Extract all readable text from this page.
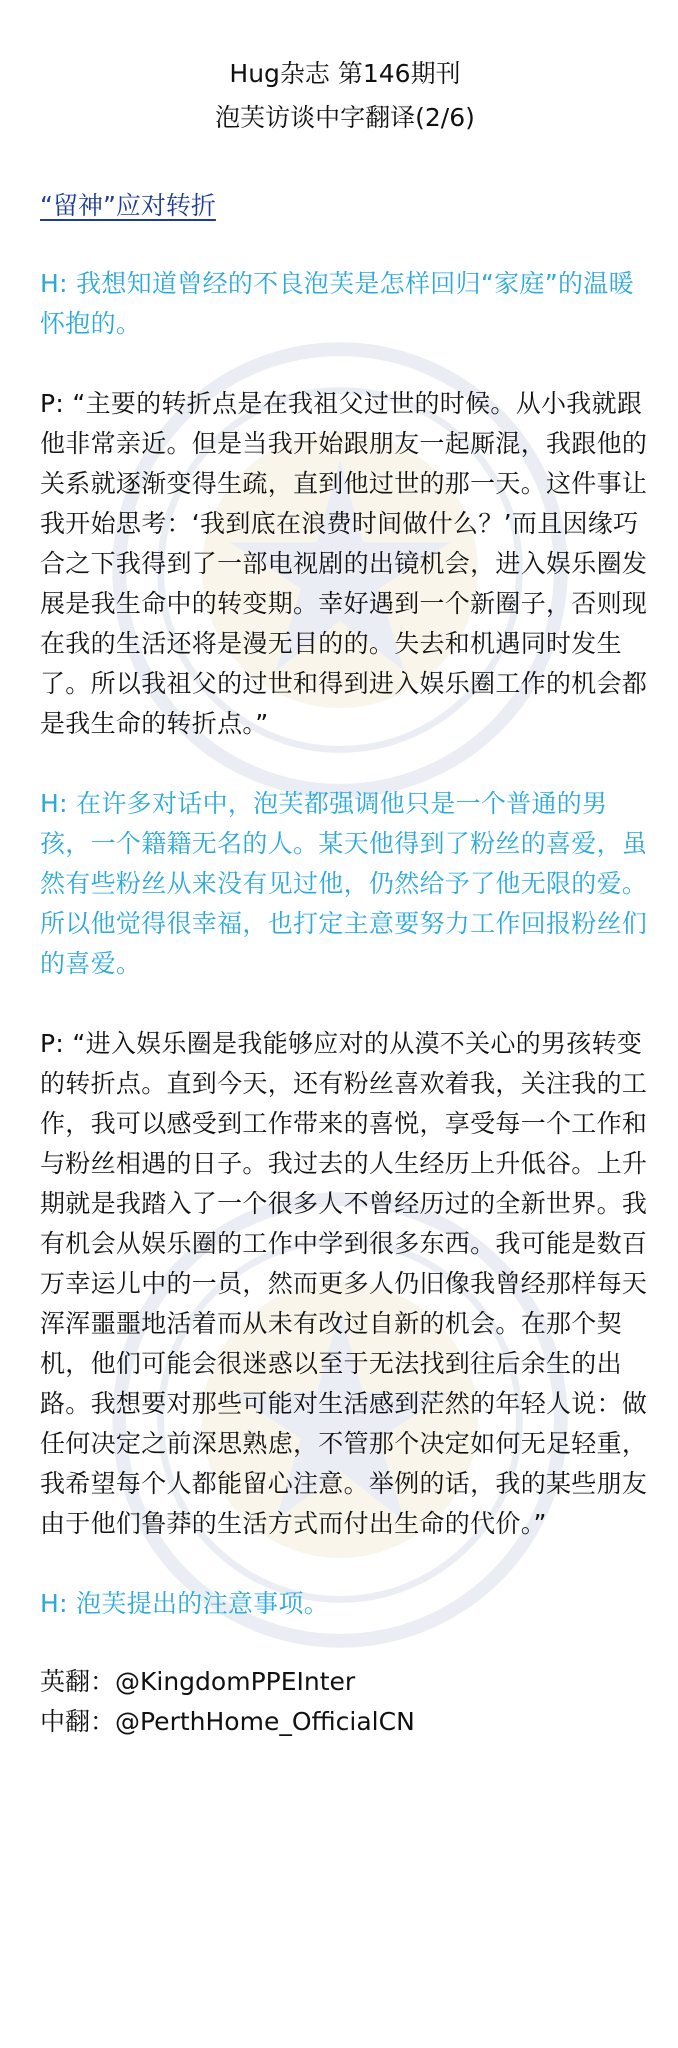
Hug杂志 第146期刊
泡芙访谈中字翻译(2/6)
“留神”应对转折
H: 我想知道曾经的不良泡芙是怎样回归“家庭”的温暖怀抱的。
P: “主要的转折点是在我祖父过世的时候。从小我就跟他非常亲近。但是当我开始跟朋友一起厮混，我跟他的关系就逐渐变得生疏，直到他过世的那一天。这件事让我开始思考：‘我到底在浪费时间做什么？’而且因缘巧合之下我得到了一部电视剧的出镜机会，进入娱乐圈发展是我生命中的转变期。幸好遇到一个新圈子，否则现在我的生活还将是漫无目的的。失去和机遇同时发生了。所以我祖父的过世和得到进入娱乐圈工作的机会都是我生命的转折点。”
H: 在许多对话中，泡芙都强调他只是一个普通的男孩，一个籍籍无名的人。某天他得到了粉丝的喜爱，虽然有些粉丝从来没有见过他，仍然给予了他无限的爱。所以他觉得很幸福，也打定主意要努力工作回报粉丝们的喜爱。
P: “进入娱乐圈是我能够应对的从漠不关心的男孩转变的转折点。直到今天，还有粉丝喜欢着我，关注我的工作，我可以感受到工作带来的喜悦，享受每一个工作和与粉丝相遇的日子。我过去的人生经历上升低谷。上升期就是我踏入了一个很多人不曾经历过的全新世界。我有机会从娱乐圈的工作中学到很多东西。我可能是数百万幸运儿中的一员，然而更多人仍旧像我曾经那样每天浑浑噩噩地活着而从未有改过自新的机会。在那个契机，他们可能会很迷惑以至于无法找到往后余生的出路。我想要对那些可能对生活感到茫然的年轻人说：做任何决定之前深思熟虑，不管那个决定如何无足轻重，我希望每个人都能留心注意。举例的话，我的某些朋友由于他们鲁莽的生活方式而付出生命的代价。”
H: 泡芙提出的注意事项。
英翻：@KingdomPPEInter
中翻：@PerthHome_OfficialCN
